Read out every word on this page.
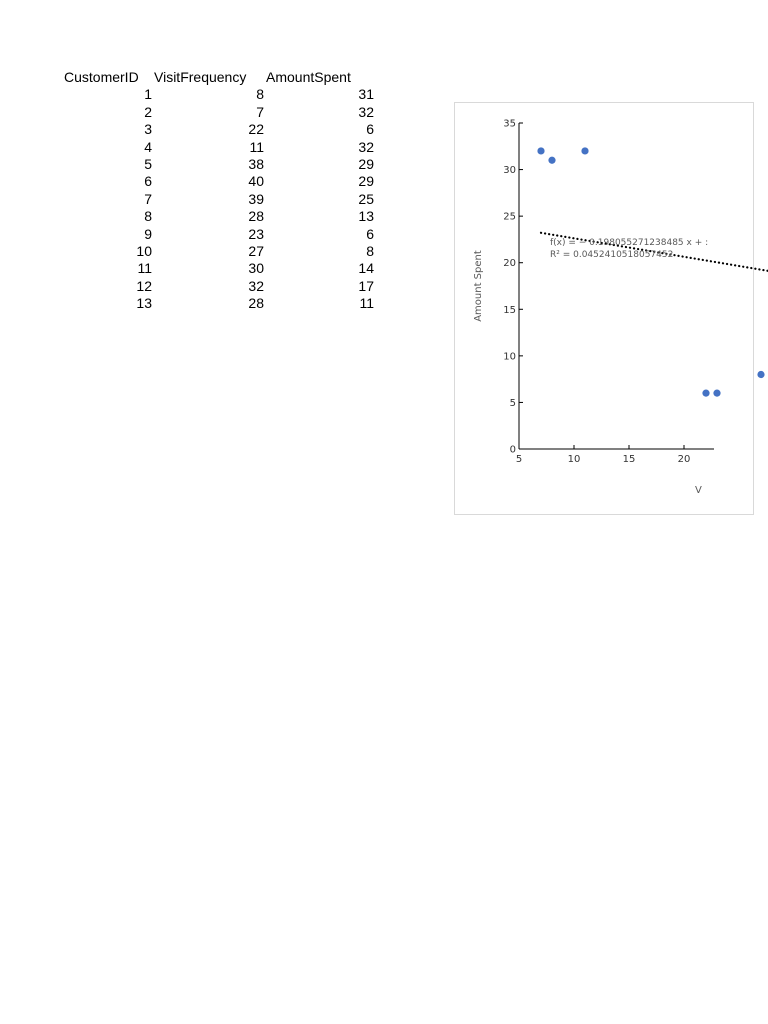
CustomerID	VisitFrequency	AmountSpent
1	8	31
2	7	32
3	22	6
4	11	32
5	38	29
6	40	29
7	39	25
8	28	13
9	23	6
10	27	8
11	30	14
12	32	17
13	28	11
0
5
10
15
20
25
30
35
5	10	15	20
Amount Spent
V
f(x) = − 0.198055271238485 x + :
R² = 0.0452410518057452
